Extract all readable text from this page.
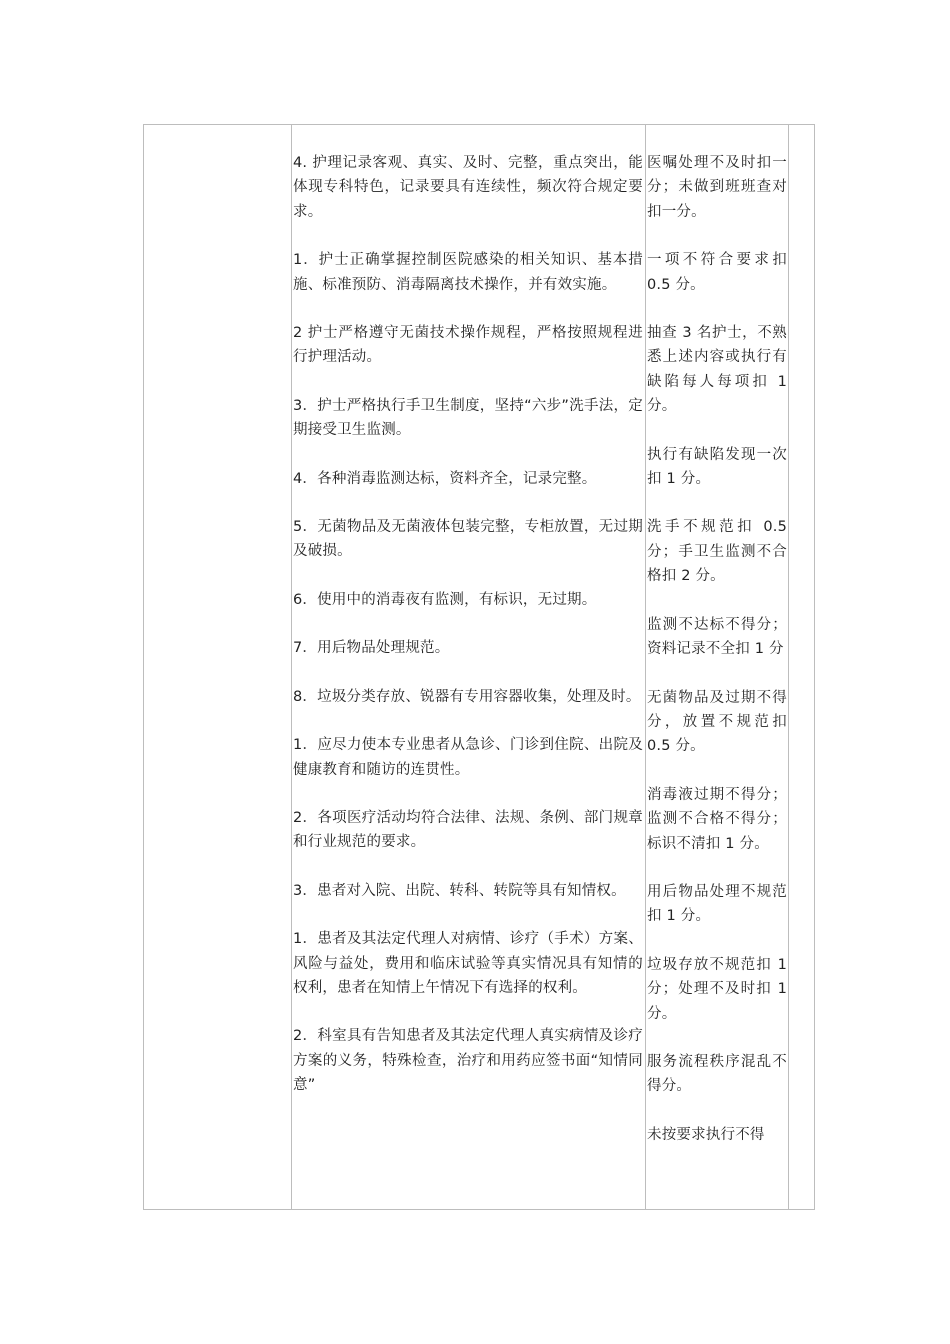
4. 护理记录客观、真实、及时、完整，重点突出，能体现专科特色，记录要具有连续性，频次符合规定要求。

1．护士正确掌握控制医院感染的相关知识、基本措施、标准预防、消毒隔离技术操作，并有效实施。

2 护士严格遵守无菌技术操作规程，严格按照规程进行护理活动。

3．护士严格执行手卫生制度，坚持“六步”洗手法，定期接受卫生监测。

4．各种消毒监测达标，资料齐全，记录完整。

5．无菌物品及无菌液体包装完整，专柜放置，无过期及破损。

6．使用中的消毒夜有监测，有标识，无过期。

7．用后物品处理规范。

8．垃圾分类存放、锐器有专用容器收集，处理及时。

1．应尽力使本专业患者从急诊、门诊到住院、出院及健康教育和随访的连贯性。

2．各项医疗活动均符合法律、法规、条例、部门规章和行业规范的要求。

3．患者对入院、出院、转科、转院等具有知情权。

1．患者及其法定代理人对病情、诊疗（手术）方案、风险与益处，费用和临床试验等真实情况具有知情的权利，患者在知情上午情况下有选择的权利。

2．科室具有告知患者及其法定代理人真实病情及诊疗方案的义务，特殊检查，治疗和用药应签书面“知情同意”

医嘱处理不及时扣一分；未做到班班查对扣一分。

一项不符合要求扣 0.5 分。

抽查 3 名护士，不熟悉上述内容或执行有缺陷每人每项扣 1 分。

执行有缺陷发现一次扣 1 分。

洗手不规范扣 0.5 分；手卫生监测不合格扣 2 分。

监测不达标不得分；资料记录不全扣 1 分

无菌物品及过期不得分，放置不规范扣 0.5 分。

消毒液过期不得分；监测不合格不得分；标识不清扣 1 分。

用后物品处理不规范扣 1 分。

垃圾存放不规范扣 1 分；处理不及时扣 1 分。

服务流程秩序混乱不得分。

未按要求执行不得
